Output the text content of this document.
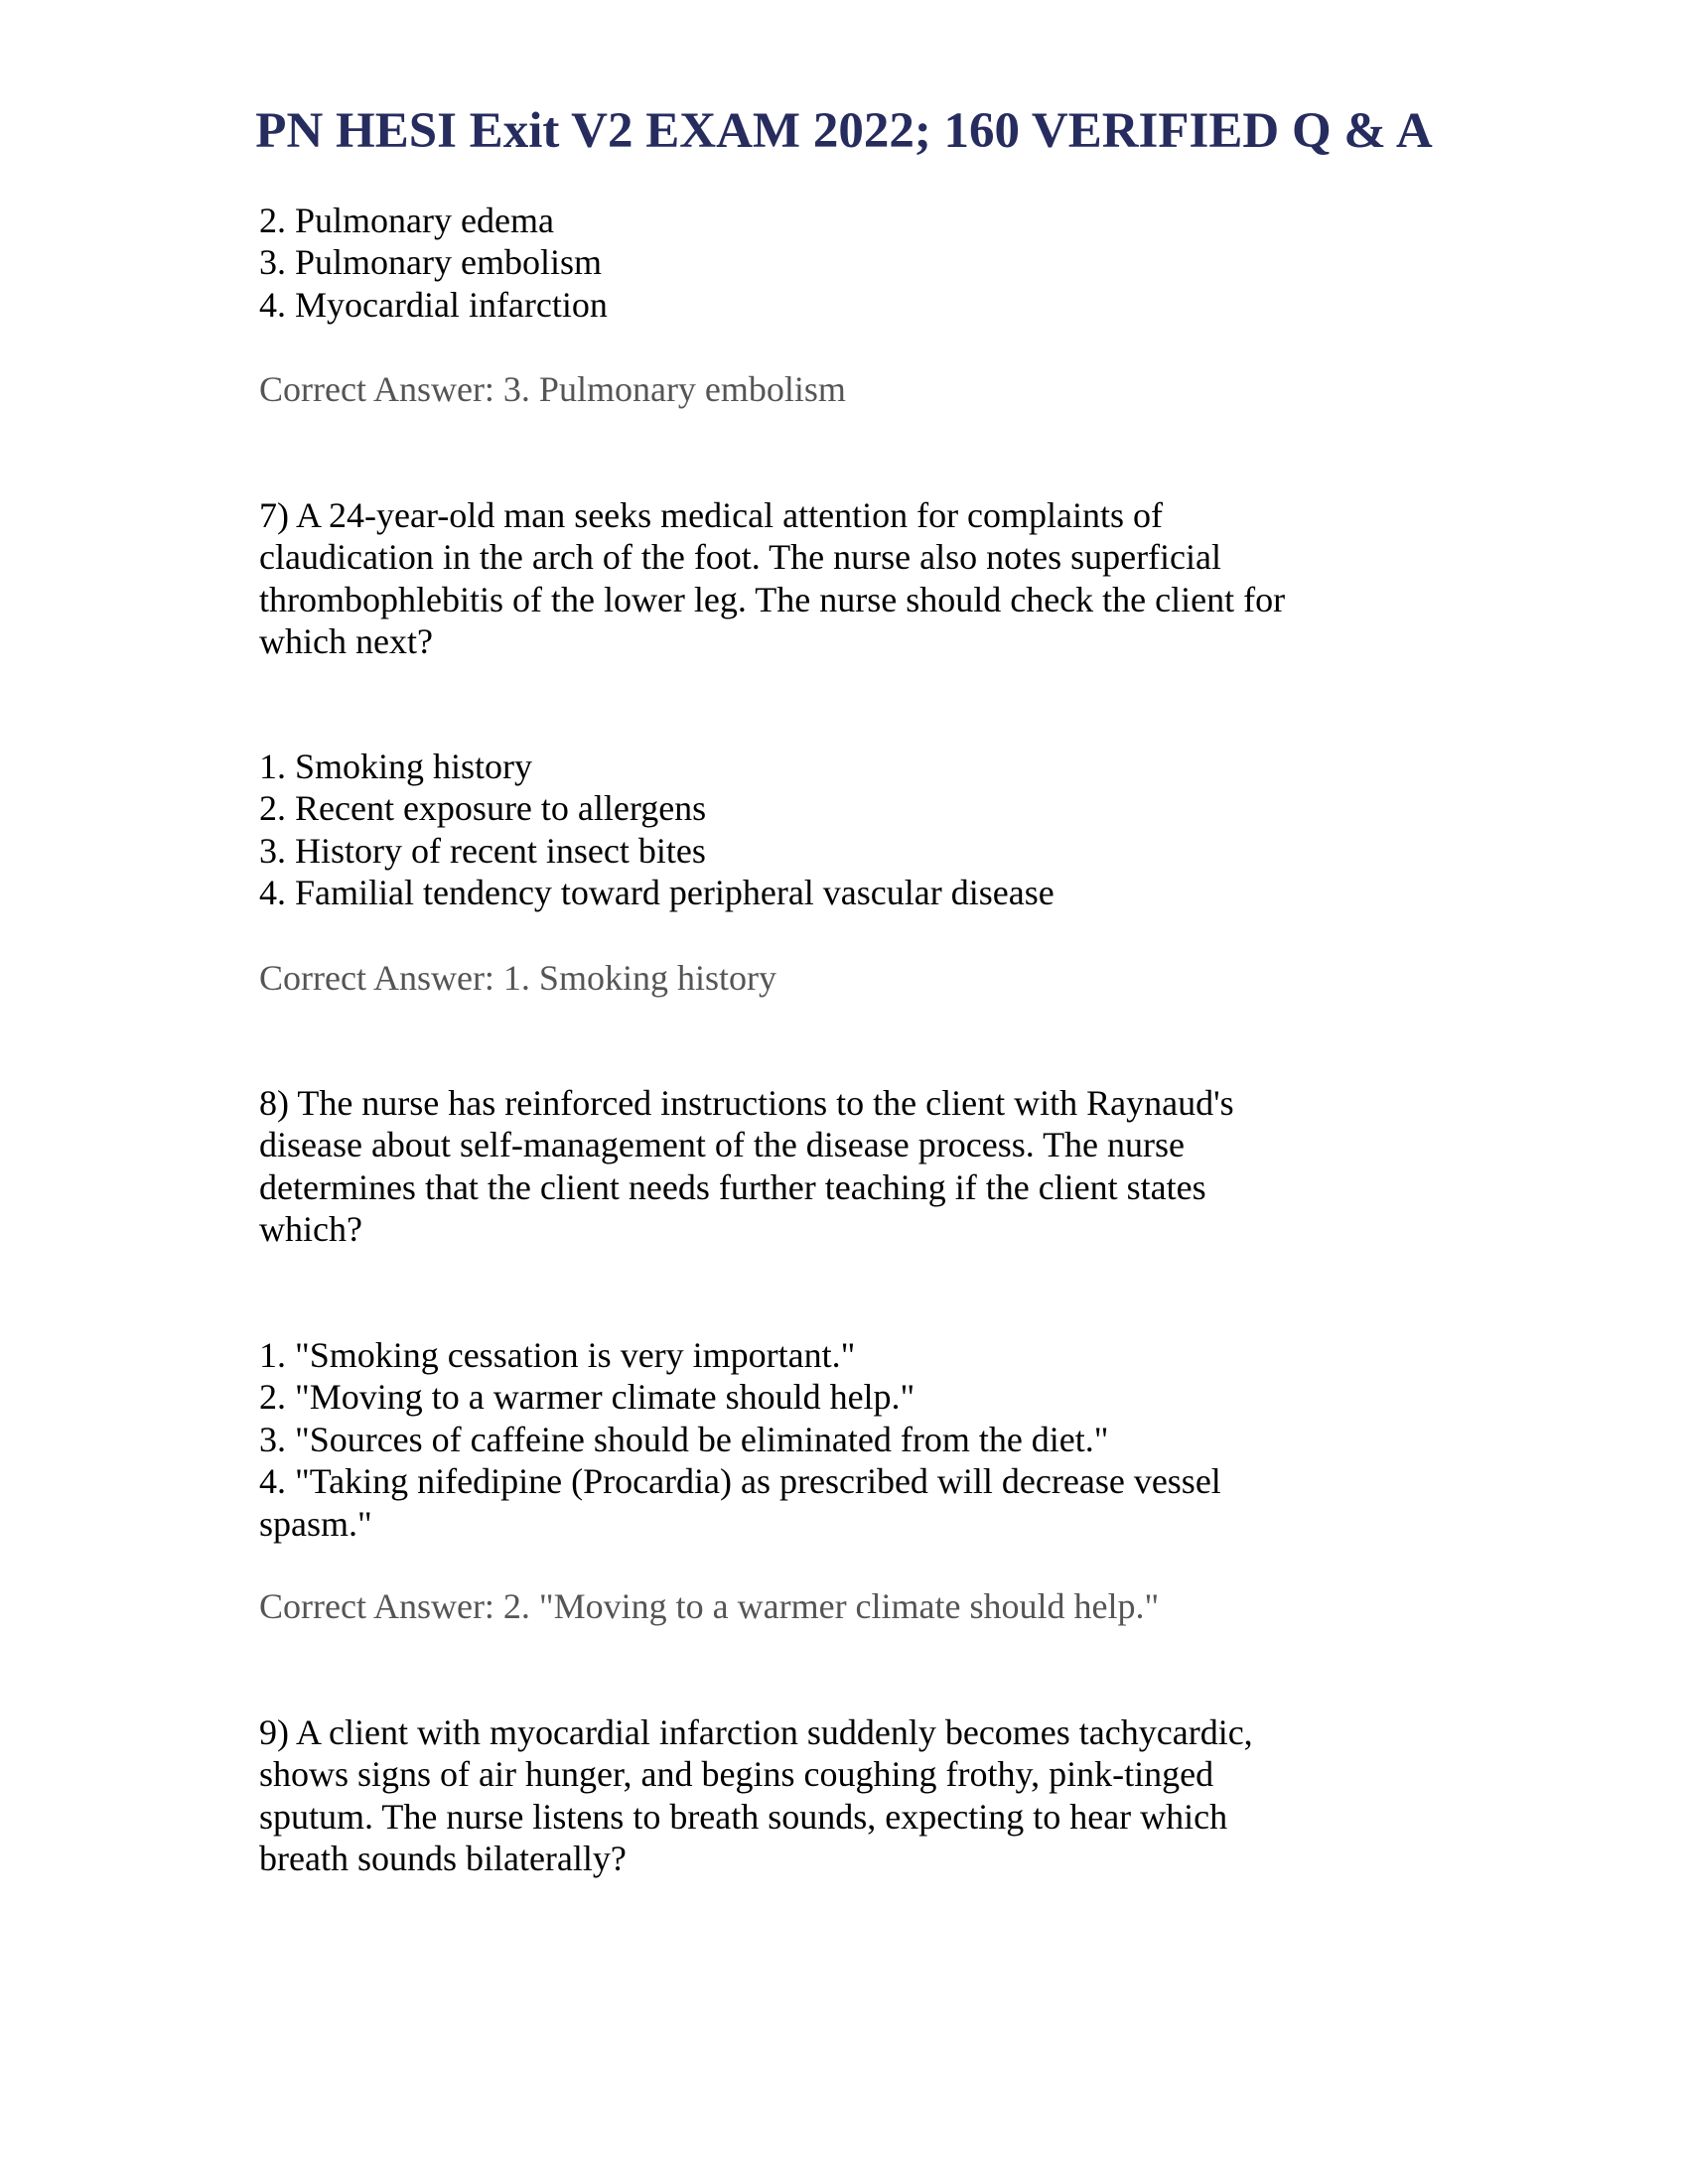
PN HESI Exit V2 EXAM 2022; 160 VERIFIED Q & A
2. Pulmonary edema
3. Pulmonary embolism
4. Myocardial infarction
Correct Answer: 3. Pulmonary embolism
7) A 24-year-old man seeks medical attention for complaints of
claudication in the arch of the foot. The nurse also notes superficial
thrombophlebitis of the lower leg. The nurse should check the client for
which next?
1. Smoking history
2. Recent exposure to allergens
3. History of recent insect bites
4. Familial tendency toward peripheral vascular disease
Correct Answer: 1. Smoking history
8) The nurse has reinforced instructions to the client with Raynaud's
disease about self-management of the disease process. The nurse
determines that the client needs further teaching if the client states
which?
1. "Smoking cessation is very important."
2. "Moving to a warmer climate should help."
3. "Sources of caffeine should be eliminated from the diet."
4. "Taking nifedipine (Procardia) as prescribed will decrease vessel
spasm."
Correct Answer: 2. "Moving to a warmer climate should help."
9) A client with myocardial infarction suddenly becomes tachycardic,
shows signs of air hunger, and begins coughing frothy, pink-tinged
sputum. The nurse listens to breath sounds, expecting to hear which
breath sounds bilaterally?
